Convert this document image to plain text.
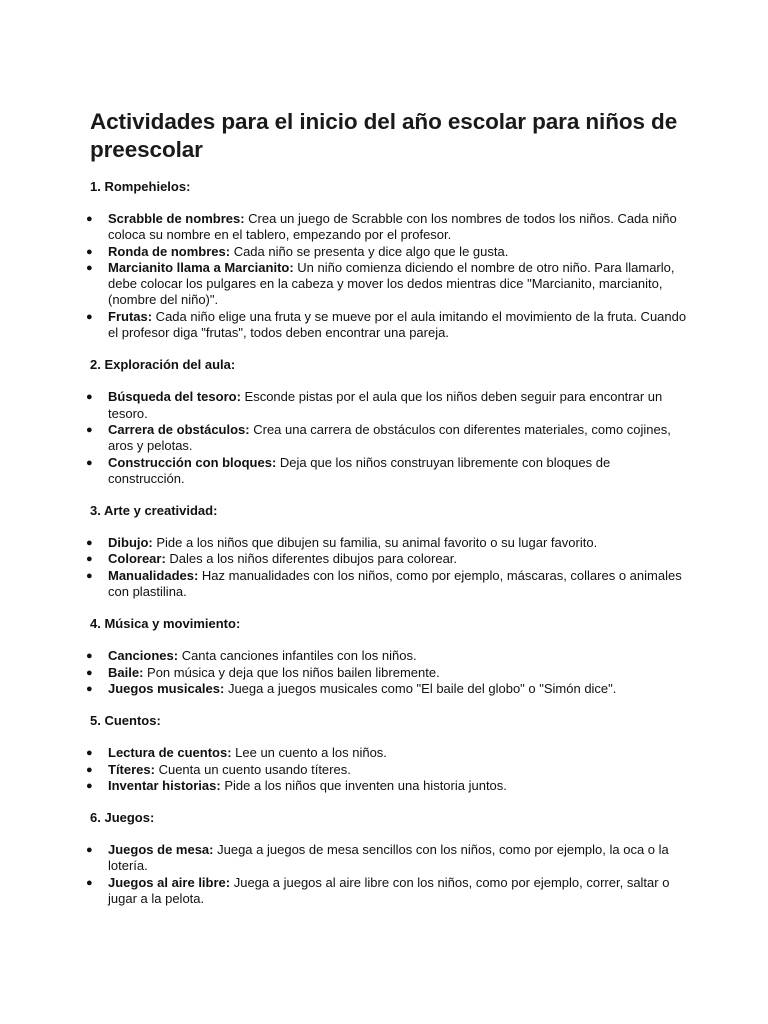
Actividades para el inicio del año escolar para niños de preescolar
1. Rompehielos:
● Scrabble de nombres: Crea un juego de Scrabble con los nombres de todos los niños. Cada niño coloca su nombre en el tablero, empezando por el profesor.
● Ronda de nombres: Cada niño se presenta y dice algo que le gusta.
● Marcianito llama a Marcianito: Un niño comienza diciendo el nombre de otro niño. Para llamarlo, debe colocar los pulgares en la cabeza y mover los dedos mientras dice "Marcianito, marcianito, (nombre del niño)".
● Frutas: Cada niño elige una fruta y se mueve por el aula imitando el movimiento de la fruta. Cuando el profesor diga "frutas", todos deben encontrar una pareja.
2. Exploración del aula:
● Búsqueda del tesoro: Esconde pistas por el aula que los niños deben seguir para encontrar un tesoro.
● Carrera de obstáculos: Crea una carrera de obstáculos con diferentes materiales, como cojines, aros y pelotas.
● Construcción con bloques: Deja que los niños construyan libremente con bloques de construcción.
3. Arte y creatividad:
● Dibujo: Pide a los niños que dibujen su familia, su animal favorito o su lugar favorito.
● Colorear: Dales a los niños diferentes dibujos para colorear.
● Manualidades: Haz manualidades con los niños, como por ejemplo, máscaras, collares o animales con plastilina.
4. Música y movimiento:
● Canciones: Canta canciones infantiles con los niños.
● Baile: Pon música y deja que los niños bailen libremente.
● Juegos musicales: Juega a juegos musicales como "El baile del globo" o "Simón dice".
5. Cuentos:
● Lectura de cuentos: Lee un cuento a los niños.
● Títeres: Cuenta un cuento usando títeres.
● Inventar historias: Pide a los niños que inventen una historia juntos.
6. Juegos:
● Juegos de mesa: Juega a juegos de mesa sencillos con los niños, como por ejemplo, la oca o la lotería.
● Juegos al aire libre: Juega a juegos al aire libre con los niños, como por ejemplo, correr, saltar o jugar a la pelota.
